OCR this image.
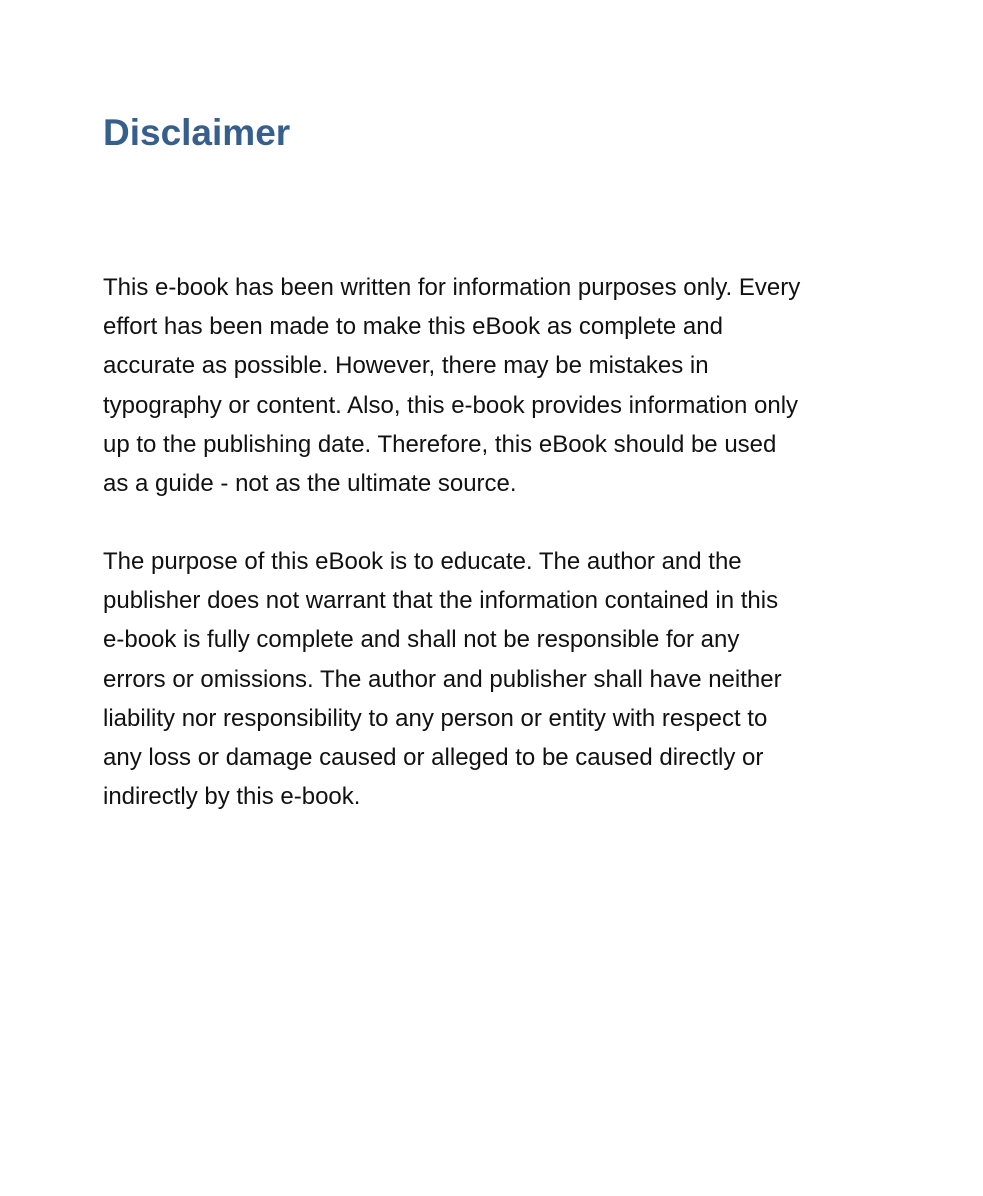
Disclaimer

This e-book has been written for information purposes only. Every
effort has been made to make this eBook as complete and
accurate as possible. However, there may be mistakes in
typography or content. Also, this e-book provides information only
up to the publishing date. Therefore, this eBook should be used
as a guide - not as the ultimate source.

The purpose of this eBook is to educate. The author and the
publisher does not warrant that the information contained in this
e-book is fully complete and shall not be responsible for any
errors or omissions. The author and publisher shall have neither
liability nor responsibility to any person or entity with respect to
any loss or damage caused or alleged to be caused directly or
indirectly by this e-book.
